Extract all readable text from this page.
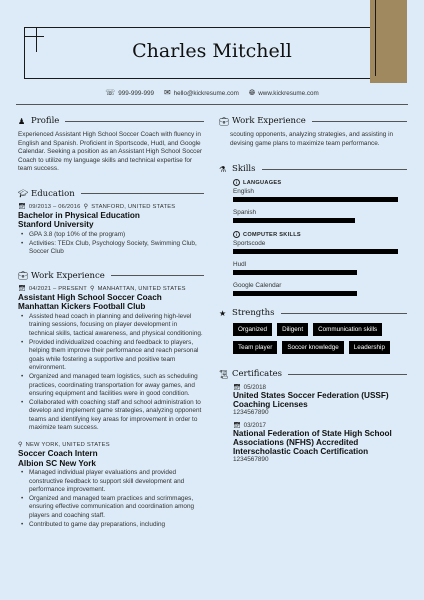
Charles Mitchell
☏ 999-999-999 ✉ hello@kickresume.com 🌐︎ www.kickresume.com
♟ Profile

Experienced Assistant High School Soccer Coach with fluency in English and Spanish. Proficient in Sportscode, Hudl, and Google Calendar. Seeking a position as an Assistant High School Soccer Coach to utilize my language skills and technical expertise for team success.

🎓︎ Education
📅︎ 09/2013 – 06/2016 ⚲ STANFORD, UNITED STATES
Bachelor in Physical Education
Stanford University
• GPA 3.8 (top 10% of the program)
• Activities: TEDx Club, Psychology Society, Swimming Club, Soccer Club
💼︎ Work Experience
📅︎ 04/2021 – PRESENT ⚲ MANHATTAN, UNITED STATES
Assistant High School Soccer Coach
Manhattan Kickers Football Club
• Assisted head coach in planning and delivering high-level training sessions, focusing on player development in technical skills, tactical awareness, and physical conditioning.
• Provided individualized coaching and feedback to players, helping them improve their performance and reach personal goals while fostering a supportive and positive team environment.
• Organized and managed team logistics, such as scheduling practices, coordinating transportation for away games, and ensuring equipment and facilities were in good condition.
• Collaborated with coaching staff and school administration to develop and implement game strategies, analyzing opponent teams and identifying key areas for improvement in order to maximize team success.
⚲ NEW YORK, UNITED STATES
Soccer Coach Intern
Albion SC New York
• Managed individual player evaluations and provided constructive feedback to support skill development and performance improvement.
• Organized and managed team practices and scrimmages, ensuring effective communication and coordination among players and coaching staff.
• Contributed to game day preparations, including
💼︎ Work Experience

scouting opponents, analyzing strategies, and assisting in devising game plans to maximize team performance.

⚗ Skills
i	LANGUAGES
English
Spanish
i	COMPUTER SKILLS
Sportscode
Hudl
Google Calendar
★ Strengths
Organized	Diligent	Communication skills
Team player	Soccer knowledge	Leadership
📜︎ Certificates
📅︎ 05/2018
United States Soccer Federation (USSF) Coaching Licenses
1234567890
📅︎ 03/2017
National Federation of State High School Associations (NFHS) Accredited Interscholastic Coach Certification
1234567890
